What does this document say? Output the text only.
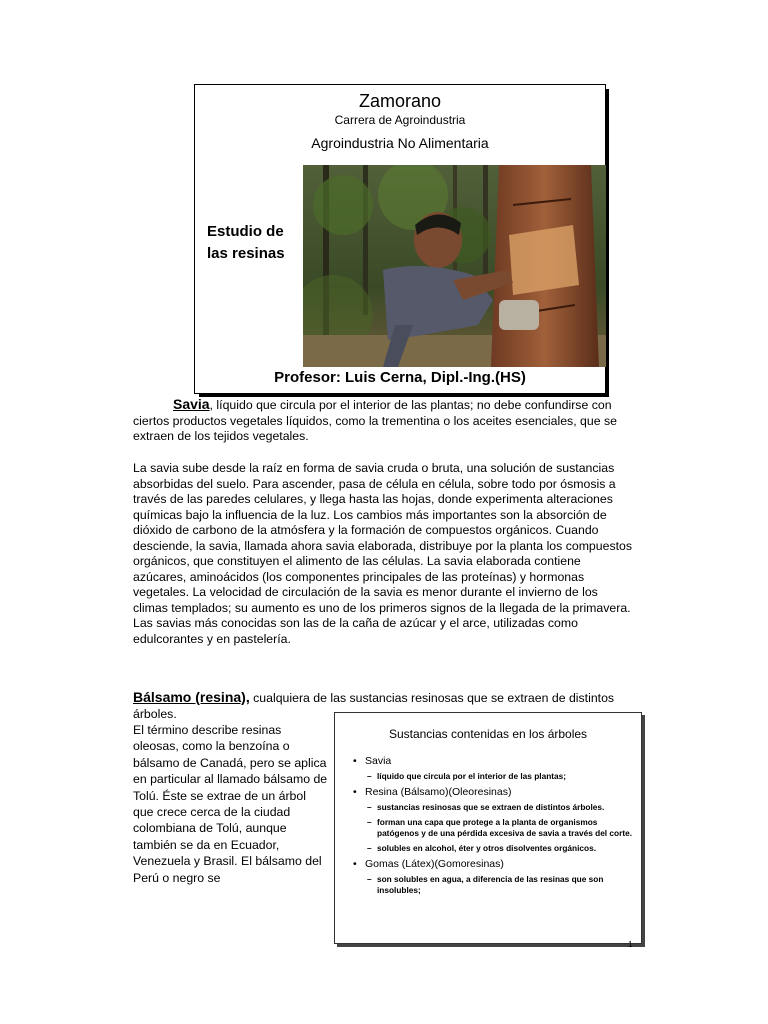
Zamorano
Carrera de Agroindustria
Agroindustria No Alimentaria
Estudio de
las resinas
Profesor: Luis Cerna, Dipl.-Ing.(HS)
Savia, líquido que circula por el interior de las plantas; no debe confundirse con ciertos productos vegetales líquidos, como la trementina o los aceites esenciales, que se extraen de los tejidos vegetales.
La savia sube desde la raíz en forma de savia cruda o bruta, una solución de sustancias absorbidas del suelo. Para ascender, pasa de célula en célula, sobre todo por ósmosis a través de las paredes celulares, y llega hasta las hojas, donde experimenta alteraciones químicas bajo la influencia de la luz. Los cambios más importantes son la absorción de dióxido de carbono de la atmósfera y la formación de compuestos orgánicos. Cuando desciende, la savia, llamada ahora savia elaborada, distribuye por la planta los compuestos orgánicos, que constituyen el alimento de las células. La savia elaborada contiene azúcares, aminoácidos (los componentes principales de las proteínas) y hormonas vegetales. La velocidad de circulación de la savia es menor durante el invierno de los climas templados; su aumento es uno de los primeros signos de la llegada de la primavera. Las savias más conocidas son las de la caña de azúcar y el arce, utilizadas como edulcorantes y en pastelería.
Bálsamo (resina), cualquiera de las sustancias resinosas que se extraen de distintos árboles.
El término describe resinas oleosas, como la benzoína o bálsamo de Canadá, pero se aplica en particular al llamado bálsamo de Tolú. Éste se extrae de un árbol que crece cerca de la ciudad colombiana de Tolú, aunque también se da en Ecuador, Venezuela y Brasil. El bálsamo del Perú o negro se
Sustancias contenidas en los árboles
• Savia
– líquido que circula por el interior de las plantas;
• Resina (Bálsamo)(Oleoresinas)
– sustancias resinosas que se extraen de distintos árboles.
– forman una capa que protege a la planta de organismos patógenos y de una pérdida excesiva de savia a través del corte.
– solubles en alcohol, éter y otros disolventes orgánicos.
• Gomas (Látex)(Gomoresinas)
– son solubles en agua, a diferencia de las resinas que son insolubles;
1
